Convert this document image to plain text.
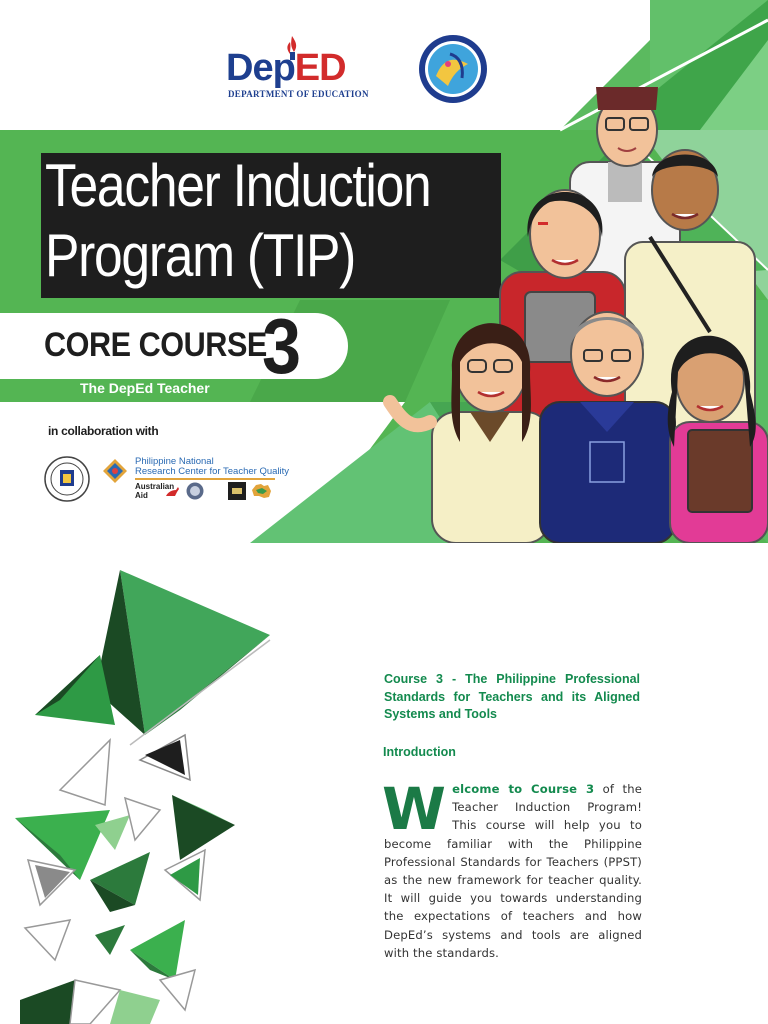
DepED
DEPARTMENT OF EDUCATION
Teacher Induction
Program (TIP)
CORE COURSE
3
The DepEd Teacher
in collaboration with
Philippine National
Research Center for Teacher Quality
Australian
Aid
Course 3 - The Philippine Professional Standards for Teachers and its Aligned Systems and Tools
Introduction
Welcome to Course 3 of the Teacher Induction Program! This course will help you to become familiar with the Philippine Professional Standards for Teachers (PPST) as the new framework for teacher quality. It will guide you towards understanding the expectations of teachers and how DepEd’s systems and tools are aligned with the standards.
